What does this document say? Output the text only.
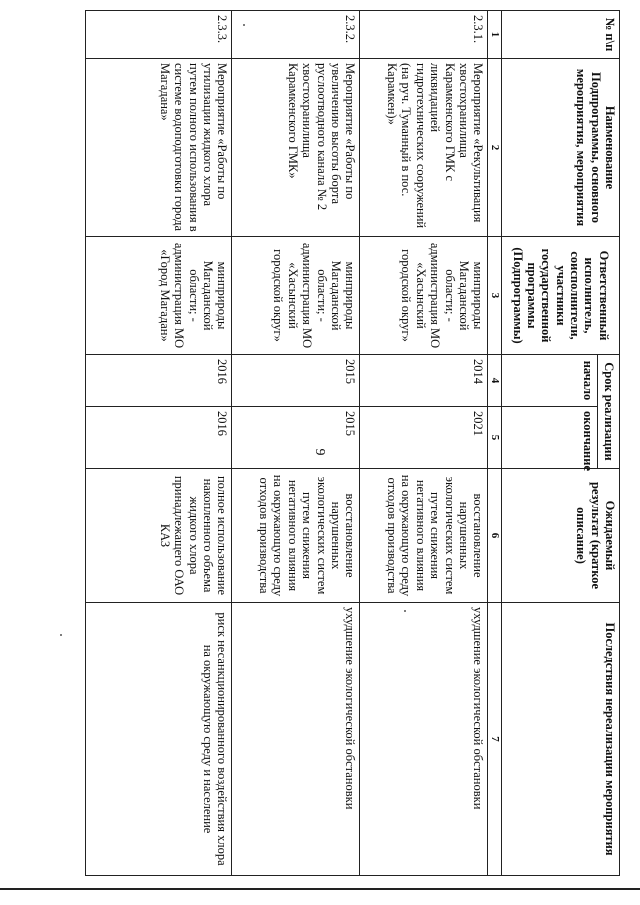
9
№ п\п	Наименование Подпрограммы, основного мероприятия, мероприятия	Ответственный исполнитель, соисполнители, участники государственной программы (Подпрограммы)	Срок реализации		Ожидаемый результат (краткое описание)	Последствия нереализации мероприятия
			начало	окончание		
1	2	3	4	5	6	7
2.3.1.	Мероприятие «Рекультивация хвостохранилища Карамкенского ГМК с ликвидацией гидротехнических сооружений (на руч. Туманный в пос. Карамкен)»	минприроды Магаданской области; - администрация МО «Хасынский городской округ»	2014	2021	восстановление нарушенных экологических систем путем снижения негативного влияния на окружающую среду отходов производства	ухудшение экологической обстановки
2.3.2.	Мероприятие «Работы по увеличению высоты борта руслоотводного канала № 2 хвостохранилища Карамкенского ГМК»	минприроды Магаданской области; - администрация МО «Хасынский городской округ»	2015	2015	восстановление нарушенных экологических систем путем снижения негативного влияния на окружающую среду отходов производства	ухудшение экологической обстановки
2.3.3.	Мероприятие «Работы по утилизации жидкого хлора путем полного использования в системе водоподготовки города Магадана»	минприроды Магаданской области; - администрация МО «Город Магадан»	2016	2016	полное использование накопленного объема жидкого хлора принадлежащего ОАО КАЗ	риск несанкционированного воздействия хлора на окружающую среду и население
